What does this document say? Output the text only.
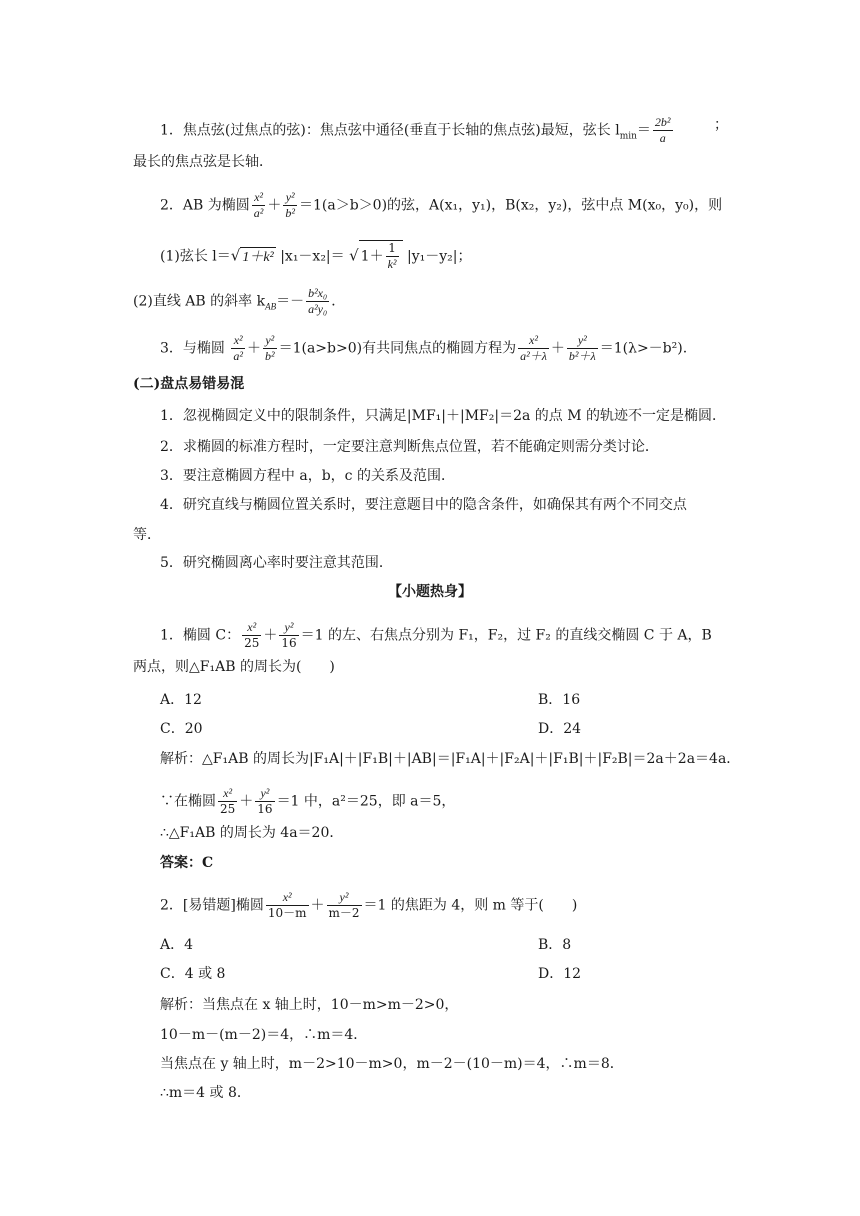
1．焦点弦(过焦点的弦)：焦点弦中通径(垂直于长轴的焦点弦)最短，弦长 $l_{min}= \frac{\text{2b²}}{a}$	；
最长的焦点弦是长轴．
2．AB 为椭圆 $\frac{\text{x²}}{\text{a²}} + \frac{\text{y²}}{\text{b²}} =1(a>b>0)$的弦，A(x₁，y₁)，B(x₂，y₂)，弦中点 M(x₀，y₀)，则
(1)弦长 l＝√ 1＋k² |x₁－x₂|＝ √ $1+ \frac{1}{\text{k²}} |y_1-y_2|$；
(2)直线 AB 的斜率 $k_{AB}=- \frac{\text{b²x₀}}{\text{a²y₀}}$ ．
3．与椭圆 $\frac{\text{x²}}{\text{a²}} + \frac{\text{y²}}{\text{b²}} =1(a>b>0)$有共同焦点的椭圆方程为 $\frac{\text{x²}}{\text{a²＋λ}} + \frac{\text{y²}}{\text{b²＋λ}} =1(\lambda>-b^2)$.
(二)盘点易错易混
1．忽视椭圆定义中的限制条件，只满足|MF₁|＋|MF₂|＝2a 的点 M 的轨迹不一定是椭圆．
2．求椭圆的标准方程时，一定要注意判断焦点位置，若不能确定则需分类讨论．
3．要注意椭圆方程中 a，b，c 的关系及范围．
4．研究直线与椭圆位置关系时，要注意题目中的隐含条件，如确保其有两个不同交点
等．
5．研究椭圆离心率时要注意其范围．
【小题热身】
1．椭圆 C： $\frac{\text{x²}}{25} + \frac{\text{y²}}{16} =1$ 的左、右焦点分别为 F₁，F₂，过 F₂ 的直线交椭圆 C 于 A，B
两点，则△F₁AB 的周长为(　　)
A．12	B．16
C．20	D．24
解析：△F₁AB 的周长为|F₁A|＋|F₁B|＋|AB|＝|F₁A|＋|F₂A|＋|F₁B|＋|F₂B|＝2a＋2a＝4a．
∵在椭圆 $\frac{\text{x²}}{25} + \frac{\text{y²}}{16} =1$ 中，a²＝25，即 a＝5，
∴△F₁AB 的周长为 4a＝20．
答案：C
2．[易错题]椭圆 $\frac{\text{x²}}{10-m} + \frac{\text{y²}}{m-2} =1$ 的焦距为 4，则 m 等于(　　)
A．4	B．8
C．4 或 8	D．12
解析：当焦点在 x 轴上时，10－m>m－2>0，
10－m－(m－2)＝4，∴m＝4．
当焦点在 y 轴上时，m－2>10－m>0，m－2－(10－m)＝4，∴m＝8．
∴m＝4 或 8．
